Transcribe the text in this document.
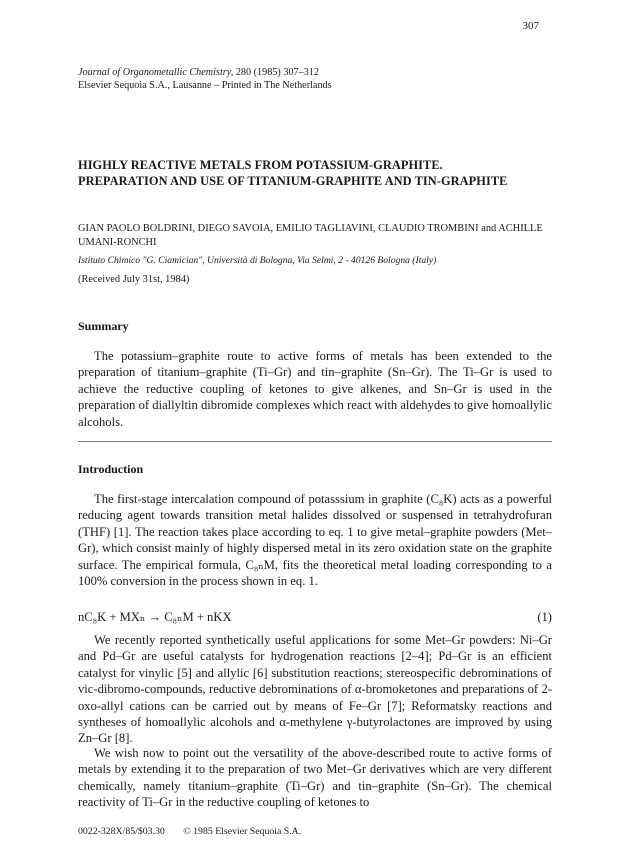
307
Journal of Organometallic Chemistry, 280 (1985) 307–312
Elsevier Sequoia S.A., Lausanne – Printed in The Netherlands
HIGHLY REACTIVE METALS FROM POTASSIUM-GRAPHITE.
PREPARATION AND USE OF TITANIUM-GRAPHITE AND TIN-GRAPHITE
GIAN PAOLO BOLDRINI, DIEGO SAVOIA, EMILIO TAGLIAVINI, CLAUDIO TROMBINI and ACHILLE UMANI-RONCHI
Istituto Chimico "G. Ciamician", Università di Bologna, Via Selmi, 2 - 40126 Bologna (Italy)
(Received July 31st, 1984)
Summary
The potassium–graphite route to active forms of metals has been extended to the preparation of titanium–graphite (Ti–Gr) and tin–graphite (Sn–Gr). The Ti–Gr is used to achieve the reductive coupling of ketones to give alkenes, and Sn–Gr is used in the preparation of diallyltin dibromide complexes which react with aldehydes to give homoallylic alcohols.
Introduction
The first-stage intercalation compound of potasssium in graphite (C₈K) acts as a powerful reducing agent towards transition metal halides dissolved or suspensed in tetrahydrofuran (THF) [1]. The reaction takes place according to eq. 1 to give metal–graphite powders (Met–Gr), which consist mainly of highly dispersed metal in its zero oxidation state on the graphite surface. The empirical formula, C₈ₙM, fits the theoretical metal loading corresponding to a 100% conversion in the process shown in eq. 1.
nC₈K + MXₙ → C₈ₙM + nKX	(1)
We recently reported synthetically useful applications for some Met–Gr powders: Ni–Gr and Pd–Gr are useful catalysts for hydrogenation reactions [2–4]; Pd–Gr is an efficient catalyst for vinylic [5] and allylic [6] substitution reactions; stereospecific debrominations of vic-dibromo-compounds, reductive debrominations of α-bromoketones and preparations of 2-oxo-allyl cations can be carried out by means of Fe–Gr [7]; Reformatsky reactions and syntheses of homoallylic alcohols and α-methylene γ-butyrolactones are improved by using Zn–Gr [8].
We wish now to point out the versatility of the above-described route to active forms of metals by extending it to the preparation of two Met–Gr derivatives which are very different chemically, namely titanium–graphite (Ti–Gr) and tin–graphite (Sn–Gr). The chemical reactivity of Ti–Gr in the reductive coupling of ketones to
0022-328X/85/$03.30 © 1985 Elsevier Sequoia S.A.
